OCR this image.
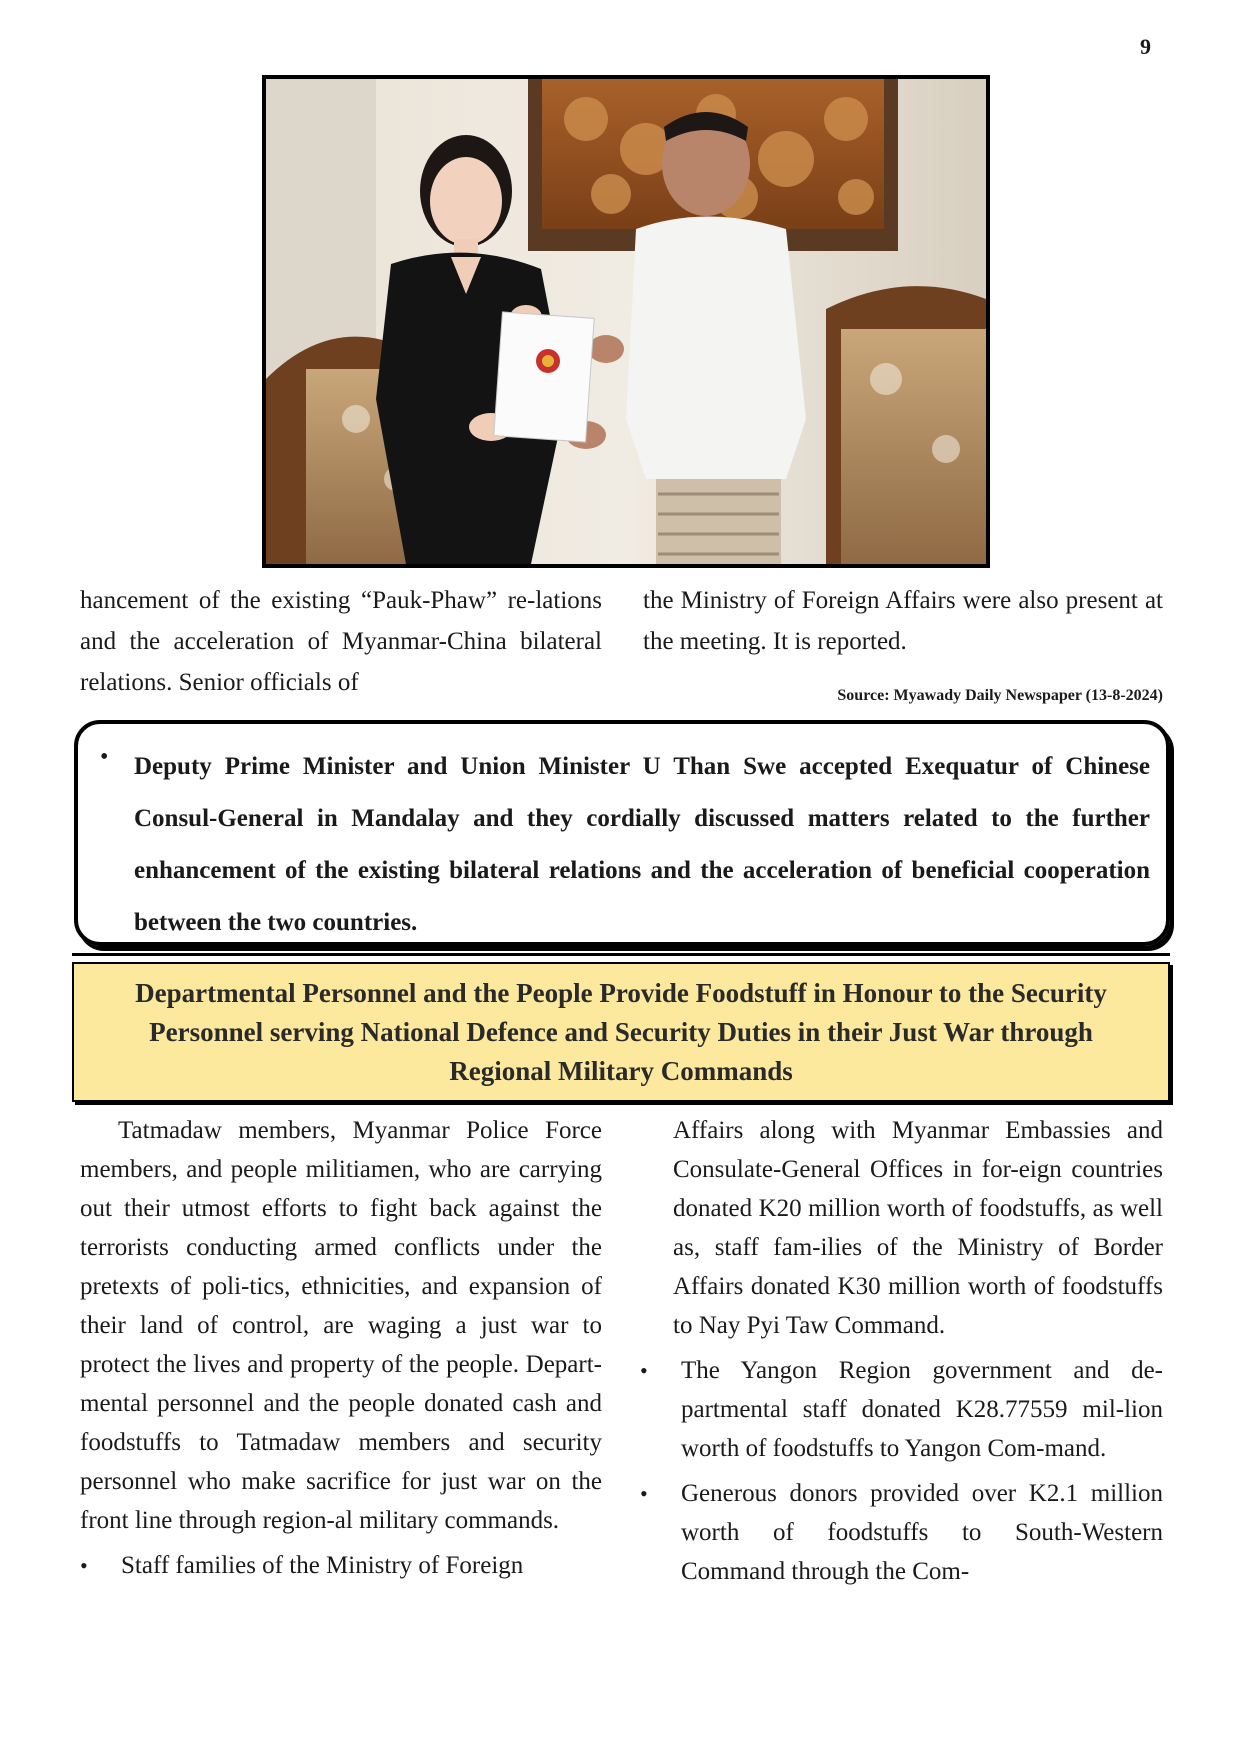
9
hancement of the existing “Pauk-Phaw” re-lations and the acceleration of Myanmar-China bilateral relations. Senior officials of
the Ministry of Foreign Affairs were also present at the meeting. It is reported.
Source: Myawady Daily Newspaper (13-8-2024)
• Deputy Prime Minister and Union Minister U Than Swe accepted Exequatur of Chinese Consul-General in Mandalay and they cordially discussed matters related to the further enhancement of the existing bilateral relations and the acceleration of beneficial cooperation between the two countries.

Departmental Personnel and the People Provide Foodstuff in Honour to the Security Personnel serving National Defence and Security Duties in their Just War through Regional Military Commands

Tatmadaw members, Myanmar Police Force members, and people militiamen, who are carrying out their utmost efforts to fight back against the terrorists conducting armed conflicts under the pretexts of poli-tics, ethnicities, and expansion of their land of control, are waging a just war to protect the lives and property of the people. Depart-mental personnel and the people donated cash and foodstuffs to Tatmadaw members and security personnel who make sacrifice for just war on the front line through region-al military commands.

• Staff families of the Ministry of Foreign

Affairs along with Myanmar Embassies and Consulate-General Offices in for-eign countries donated K20 million worth of foodstuffs, as well as, staff fam-ilies of the Ministry of Border Affairs donated K30 million worth of foodstuffs to Nay Pyi Taw Command.

• The Yangon Region government and de-partmental staff donated K28.77559 mil-lion worth of foodstuffs to Yangon Com-mand.

• Generous donors provided over K2.1 million worth of foodstuffs to South-Western Command through the Com-
